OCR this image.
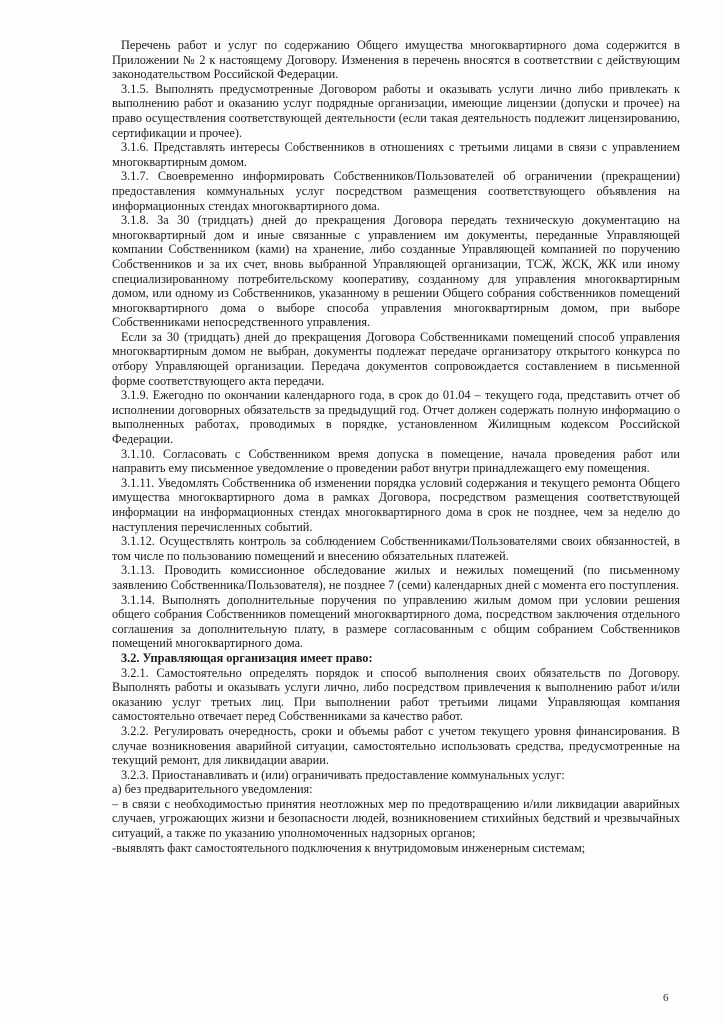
Перечень работ и услуг по содержанию Общего имущества многоквартирного дома содержится в Приложении № 2 к настоящему Договору. Изменения в перечень вносятся в соответствии с действующим законодательством Российской Федерации.

3.1.5. Выполнять предусмотренные Договором работы и оказывать услуги лично либо привлекать к выполнению работ и оказанию услуг подрядные организации, имеющие лицензии (допуски и прочее) на право осуществления соответствующей деятельности (если такая деятельность подлежит лицензированию, сертификации и прочее).

3.1.6. Представлять интересы Собственников в отношениях с третьими лицами в связи с управлением многоквартирным домом.

3.1.7. Своевременно информировать Собственников/Пользователей об ограничении (прекращении) предоставления коммунальных услуг посредством размещения соответствующего объявления на информационных стендах многоквартирного дома.

3.1.8. За 30 (тридцать) дней до прекращения Договора передать техническую документацию на многоквартирный дом и иные связанные с управлением им документы, переданные Управляющей компании Собственником (ками) на хранение, либо созданные Управляющей компанией по поручению Собственников и за их счет, вновь выбранной Управляющей организации, ТСЖ, ЖСК, ЖК или иному специализированному потребительскому кооперативу, созданному для управления многоквартирным домом, или одному из Собственников, указанному в решении Общего собрания собственников помещений многоквартирного дома о выборе способа управления многоквартирным домом, при выборе Собственниками непосредственного управления.

Если за 30 (тридцать) дней до прекращения Договора Собственниками помещений способ управления многоквартирным домом не выбран, документы подлежат передаче организатору открытого конкурса по отбору Управляющей организации. Передача документов сопровождается составлением в письменной форме соответствующего акта передачи.

3.1.9. Ежегодно по окончании календарного года, в срок до 01.04 – текущего года, представить отчет об исполнении договорных обязательств за предыдущий год. Отчет должен содержать полную информацию о выполненных работах, проводимых в порядке, установленном Жилищным кодексом Российской Федерации.

3.1.10. Согласовать с Собственником время допуска в помещение, начала проведения работ или направить ему письменное уведомление о проведении работ внутри принадлежащего ему помещения.

3.1.11. Уведомлять Собственника об изменении порядка условий содержания и текущего ремонта Общего имущества многоквартирного дома в рамках Договора, посредством размещения соответствующей информации на информационных стендах многоквартирного дома в срок не позднее, чем за неделю до наступления перечисленных событий.

3.1.12. Осуществлять контроль за соблюдением Собственниками/Пользователями своих обязанностей, в том числе по пользованию помещений и внесению обязательных платежей.

3.1.13. Проводить комиссионное обследование жилых и нежилых помещений (по письменному заявлению Собственника/Пользователя), не позднее 7 (семи) календарных дней с момента его поступления.

3.1.14. Выполнять дополнительные поручения по управлению жилым домом при условии решения общего собрания Собственников помещений многоквартирного дома, посредством заключения отдельного соглашения за дополнительную плату, в размере согласованным с общим собранием Собственников помещений многоквартирного дома.

3.2. Управляющая организация имеет право:

3.2.1. Самостоятельно определять порядок и способ выполнения своих обязательств по Договору. Выполнять работы и оказывать услуги лично, либо посредством привлечения к выполнению работ и/или оказанию услуг третьих лиц. При выполнении работ третьими лицами Управляющая компания самостоятельно отвечает перед Собственниками за качество работ.

3.2.2. Регулировать очередность, сроки и объемы работ с учетом текущего уровня финансирования. В случае возникновения аварийной ситуации, самостоятельно использовать средства, предусмотренные на текущий ремонт, для ликвидации аварии.

3.2.3. Приостанавливать и (или) ограничивать предоставление коммунальных услуг:

а) без предварительного уведомления:

– в связи с необходимостью принятия неотложных мер по предотвращению и/или ликвидации аварийных случаев, угрожающих жизни и безопасности людей, возникновением стихийных бедствий и чрезвычайных ситуаций, а также по указанию уполномоченных надзорных органов;

-выявлять факт самостоятельного подключения к внутридомовым инженерным системам;

6
